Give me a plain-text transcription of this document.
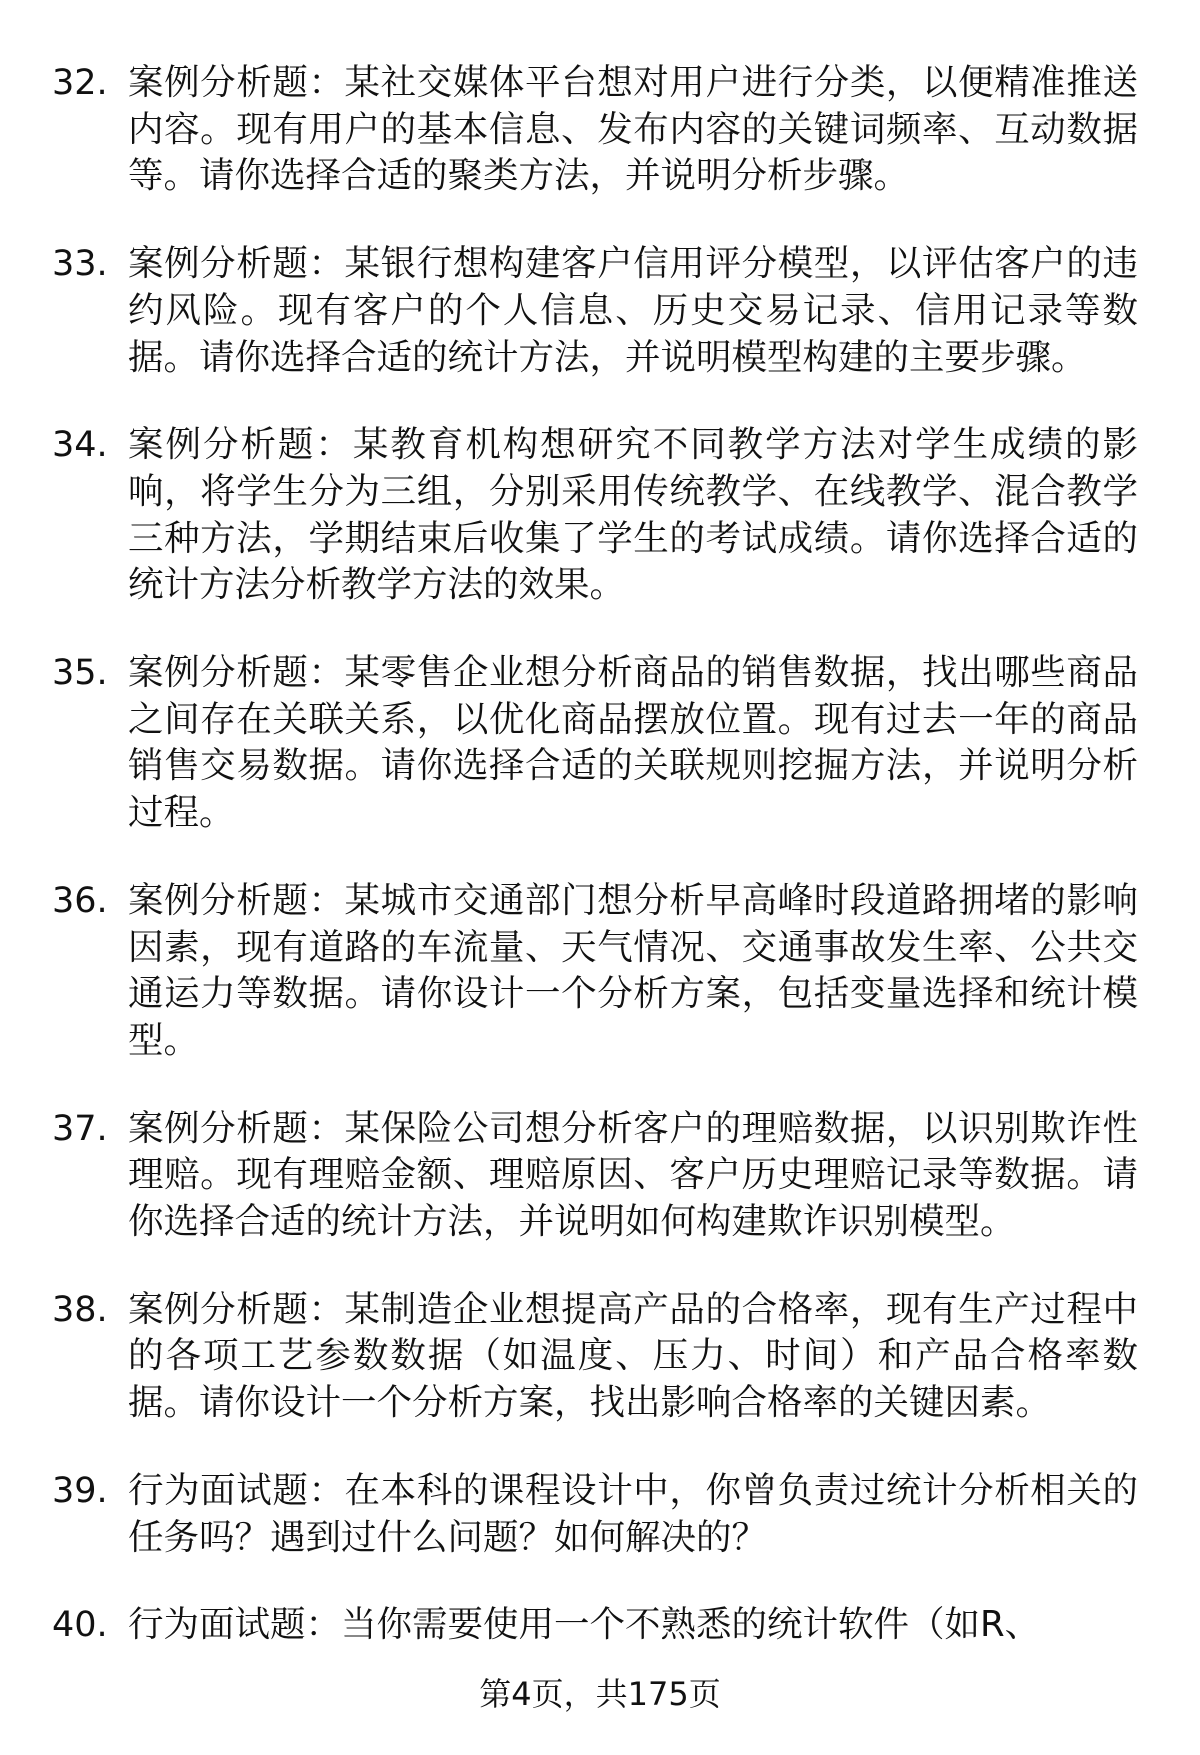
32. 案例分析题：某社交媒体平台想对用户进行分类，以便精准推送内容。现有用户的基本信息、发布内容的关键词频率、互动数据等。请你选择合适的聚类方法，并说明分析步骤。
33. 案例分析题：某银行想构建客户信用评分模型，以评估客户的违约风险。现有客户的个人信息、历史交易记录、信用记录等数据。请你选择合适的统计方法，并说明模型构建的主要步骤。
34. 案例分析题：某教育机构想研究不同教学方法对学生成绩的影响，将学生分为三组，分别采用传统教学、在线教学、混合教学三种方法，学期结束后收集了学生的考试成绩。请你选择合适的统计方法分析教学方法的效果。
35. 案例分析题：某零售企业想分析商品的销售数据，找出哪些商品之间存在关联关系，以优化商品摆放位置。现有过去一年的商品销售交易数据。请你选择合适的关联规则挖掘方法，并说明分析过程。
36. 案例分析题：某城市交通部门想分析早高峰时段道路拥堵的影响因素，现有道路的车流量、天气情况、交通事故发生率、公共交通运力等数据。请你设计一个分析方案，包括变量选择和统计模型。
37. 案例分析题：某保险公司想分析客户的理赔数据，以识别欺诈性理赔。现有理赔金额、理赔原因、客户历史理赔记录等数据。请你选择合适的统计方法，并说明如何构建欺诈识别模型。
38. 案例分析题：某制造企业想提高产品的合格率，现有生产过程中的各项工艺参数数据（如温度、压力、时间）和产品合格率数据。请你设计一个分析方案，找出影响合格率的关键因素。
39. 行为面试题：在本科的课程设计中，你曾负责过统计分析相关的任务吗？遇到过什么问题？如何解决的？
40. 行为面试题：当你需要使用一个不熟悉的统计软件（如R、
第4页，共175页
